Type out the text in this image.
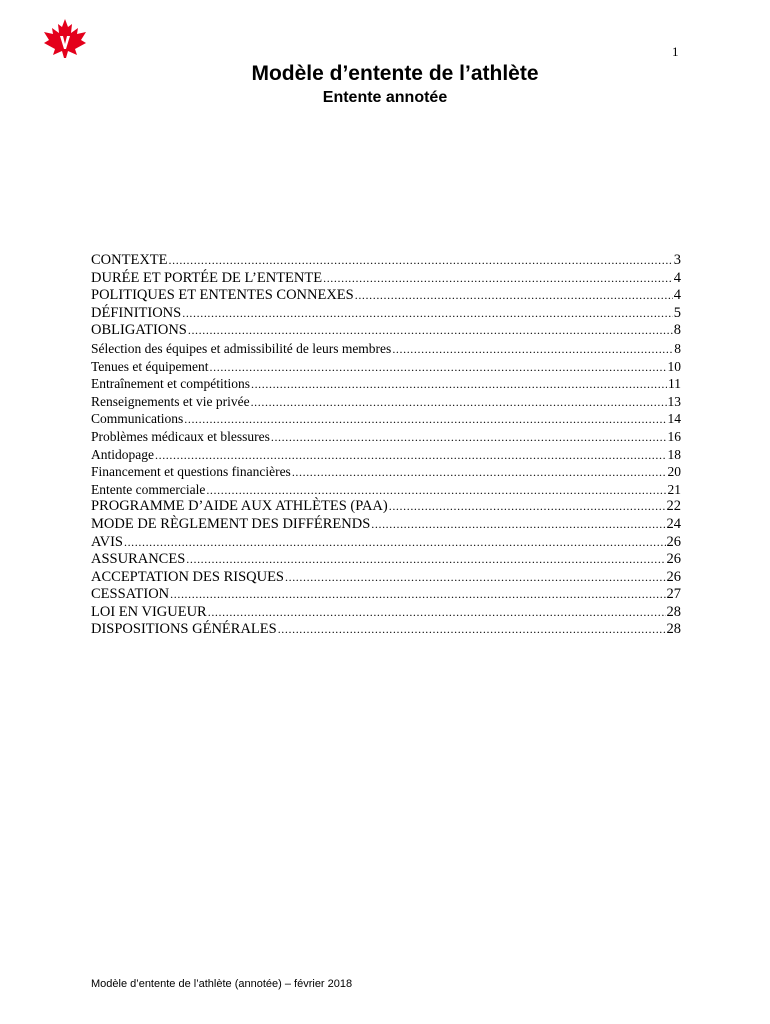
1
Modèle d’entente de l’athlète
Entente annotée
CONTEXTE .....	3
DURÉE ET PORTÉE DE L’ENTENTE .....	4
POLITIQUES ET ENTENTES CONNEXES .....	4
DÉFINITIONS .....	5
OBLIGATIONS .....	8
Sélection des équipes et admissibilité de leurs membres .....	8
Tenues et équipement .....	10
Entraînement et compétitions .....	11
Renseignements et vie privée .....	13
Communications .....	14
Problèmes médicaux et blessures .....	16
Antidopage .....	18
Financement et questions financières .....	20
Entente commerciale .....	21
PROGRAMME D’AIDE AUX ATHLÈTES (PAA) .....	22
MODE DE RÈGLEMENT DES DIFFÉRENDS .....	24
AVIS .....	26
ASSURANCES .....	26
ACCEPTATION DES RISQUES .....	26
CESSATION .....	27
LOI EN VIGUEUR .....	28
DISPOSITIONS GÉNÉRALES .....	28
Modèle d’entente de l’athlète (annotée) – février 2018
